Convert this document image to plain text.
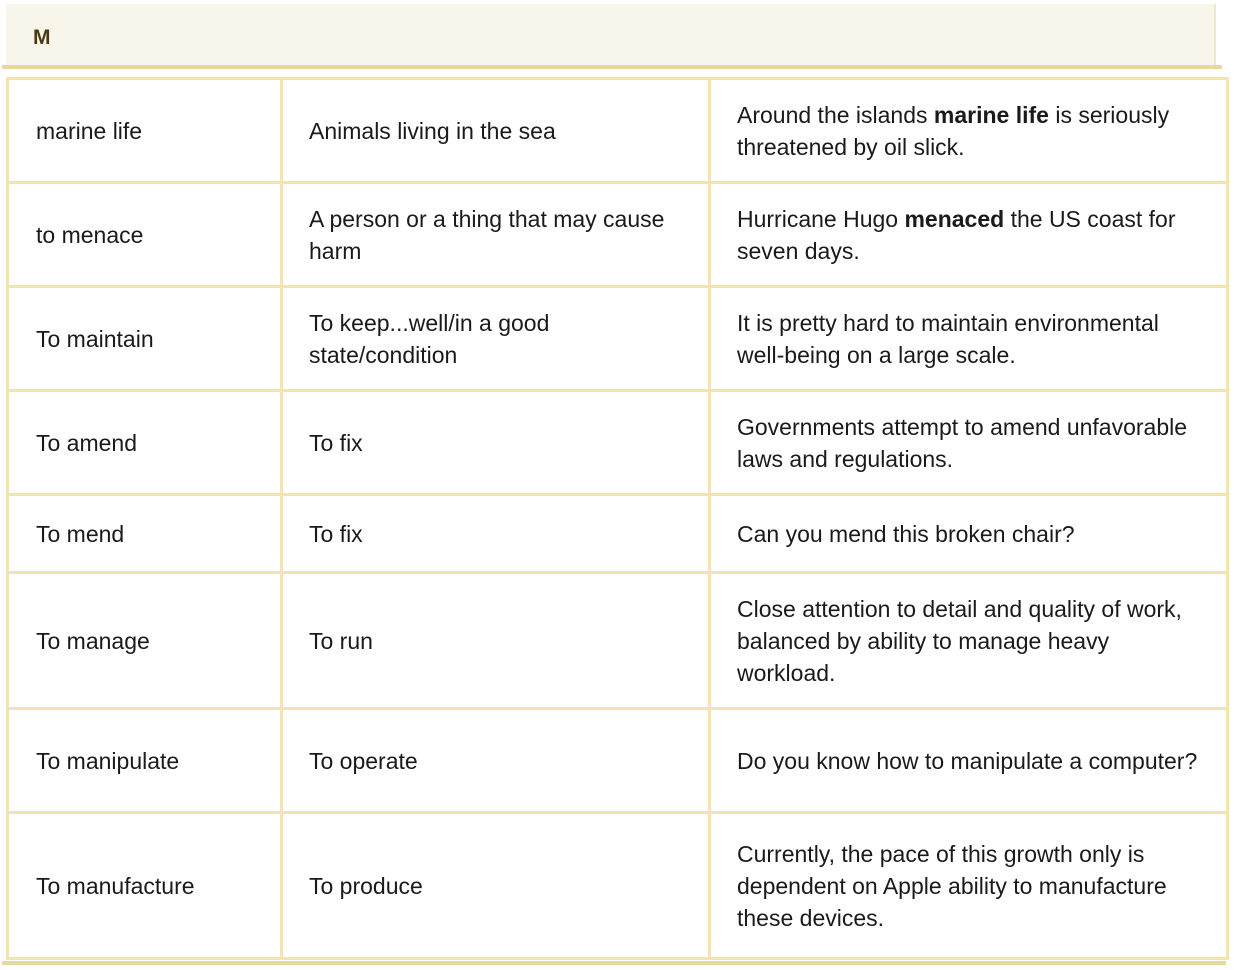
M
marine life	Animals living in the sea	Around the islands marine life is seriously threatened by oil slick.
to menace	A person or a thing that may cause harm	Hurricane Hugo menaced the US coast for seven days.
To maintain	To keep...well/in a good state/condition	It is pretty hard to maintain environmental well-being on a large scale.
To amend	To fix	Governments attempt to amend unfavorable laws and regulations.
To mend	To fix	Can you mend this broken chair?
To manage	To run	Close attention to detail and quality of work, balanced by ability to manage heavy workload.
To manipulate	To operate	Do you know how to manipulate a computer?
To manufacture	To produce	Currently, the pace of this growth only is dependent on Apple ability to manufacture these devices.
